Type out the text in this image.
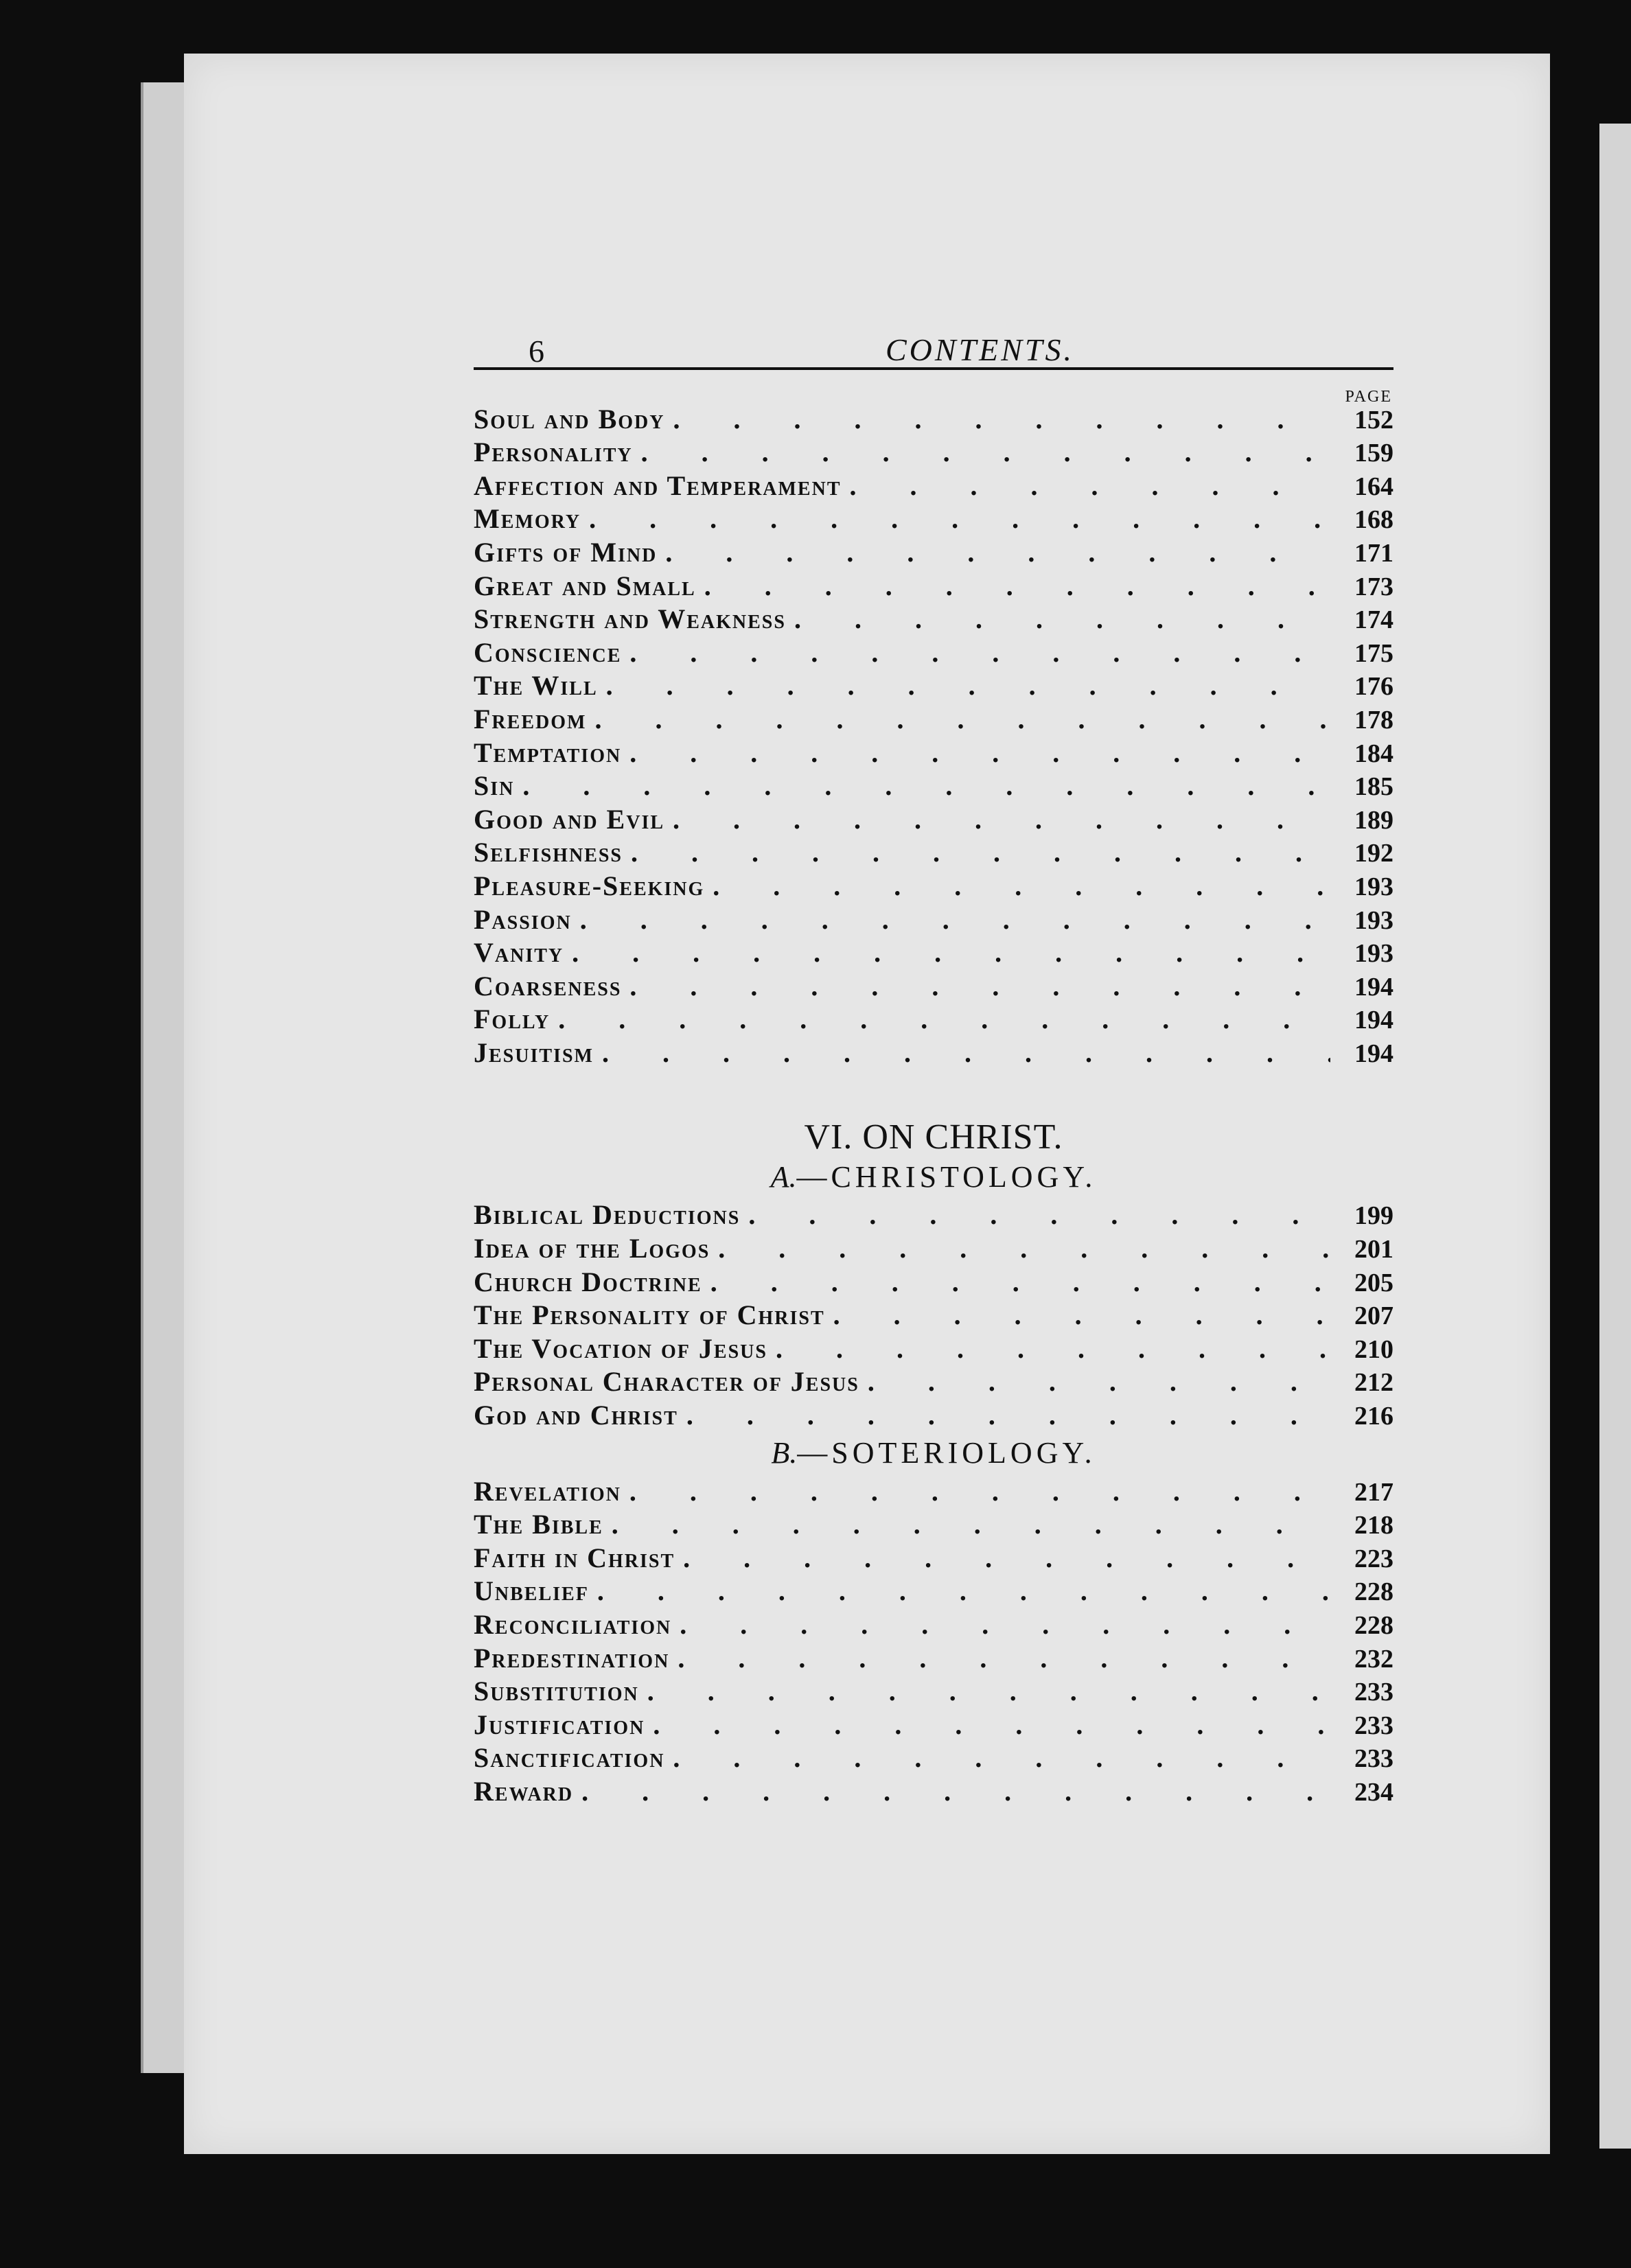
6	CONTENTS.
PAGE
Soul and Body . . .	152
Personality . . .	159
Affection and Temperament . . .	164
Memory . . .	168
Gifts of Mind . . .	171
Great and Small . . .	173
Strength and Weakness . . .	174
Conscience . . .	175
The Will . . .	176
Freedom . . .	178
Temptation . . .	184
Sin . . .	185
Good and Evil . . .	189
Selfishness . . .	192
Pleasure-Seeking . . .	193
Passion . . .	193
Vanity . . .	193
Coarseness . . .	194
Folly . . .	194
Jesuitism . . .	194
VI. ON CHRIST.
A.—CHRISTOLOGY.
Biblical Deductions . . .	199
Idea of the Logos . . .	201
Church Doctrine . . .	205
The Personality of Christ . . .	207
The Vocation of Jesus . . .	210
Personal Character of Jesus . . .	212
God and Christ . . .	216
B.—SOTERIOLOGY.
Revelation . . .	217
The Bible . . .	218
Faith in Christ . . .	223
Unbelief . . .	228
Reconciliation . . .	228
Predestination . . .	232
Substitution . . .	233
Justification . . .	233
Sanctification . . .	233
Reward . . .	234
